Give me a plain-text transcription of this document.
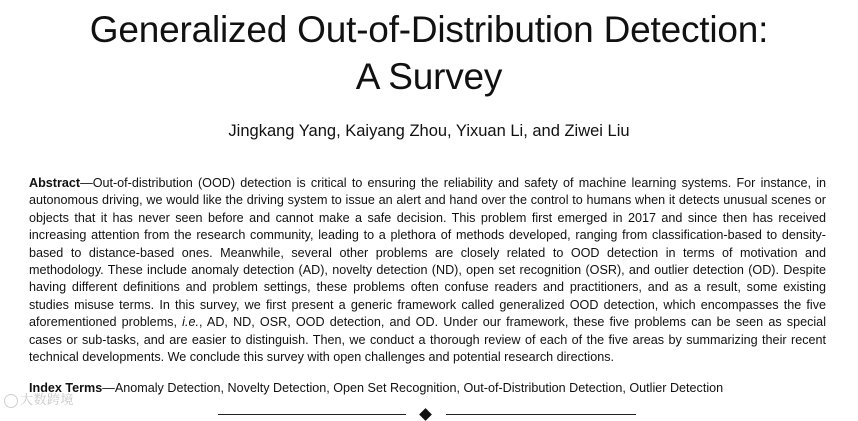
Generalized Out-of-Distribution Detection:
A Survey
Jingkang Yang, Kaiyang Zhou, Yixuan Li, and Ziwei Liu

Abstract—Out-of-distribution (OOD) detection is critical to ensuring the reliability and safety of machine learning systems. For instance, in autonomous driving, we would like the driving system to issue an alert and hand over the control to humans when it detects unusual scenes or objects that it has never seen before and cannot make a safe decision. This problem first emerged in 2017 and since then has received increasing attention from the research community, leading to a plethora of methods developed, ranging from classification-based to density-based to distance-based ones. Meanwhile, several other problems are closely related to OOD detection in terms of motivation and methodology. These include anomaly detection (AD), novelty detection (ND), open set recognition (OSR), and outlier detection (OD). Despite having different definitions and problem settings, these problems often confuse readers and practitioners, and as a result, some existing studies misuse terms. In this survey, we first present a generic framework called generalized OOD detection, which encompasses the five aforementioned problems, i.e., AD, ND, OSR, OOD detection, and OD. Under our framework, these five problems can be seen as special cases or sub-tasks, and are easier to distinguish. Then, we conduct a thorough review of each of the five areas by summarizing their recent technical developments. We conclude this survey with open challenges and potential research directions.

Index Terms—Anomaly Detection, Novelty Detection, Open Set Recognition, Out-of-Distribution Detection, Outlier Detection

大数跨境
